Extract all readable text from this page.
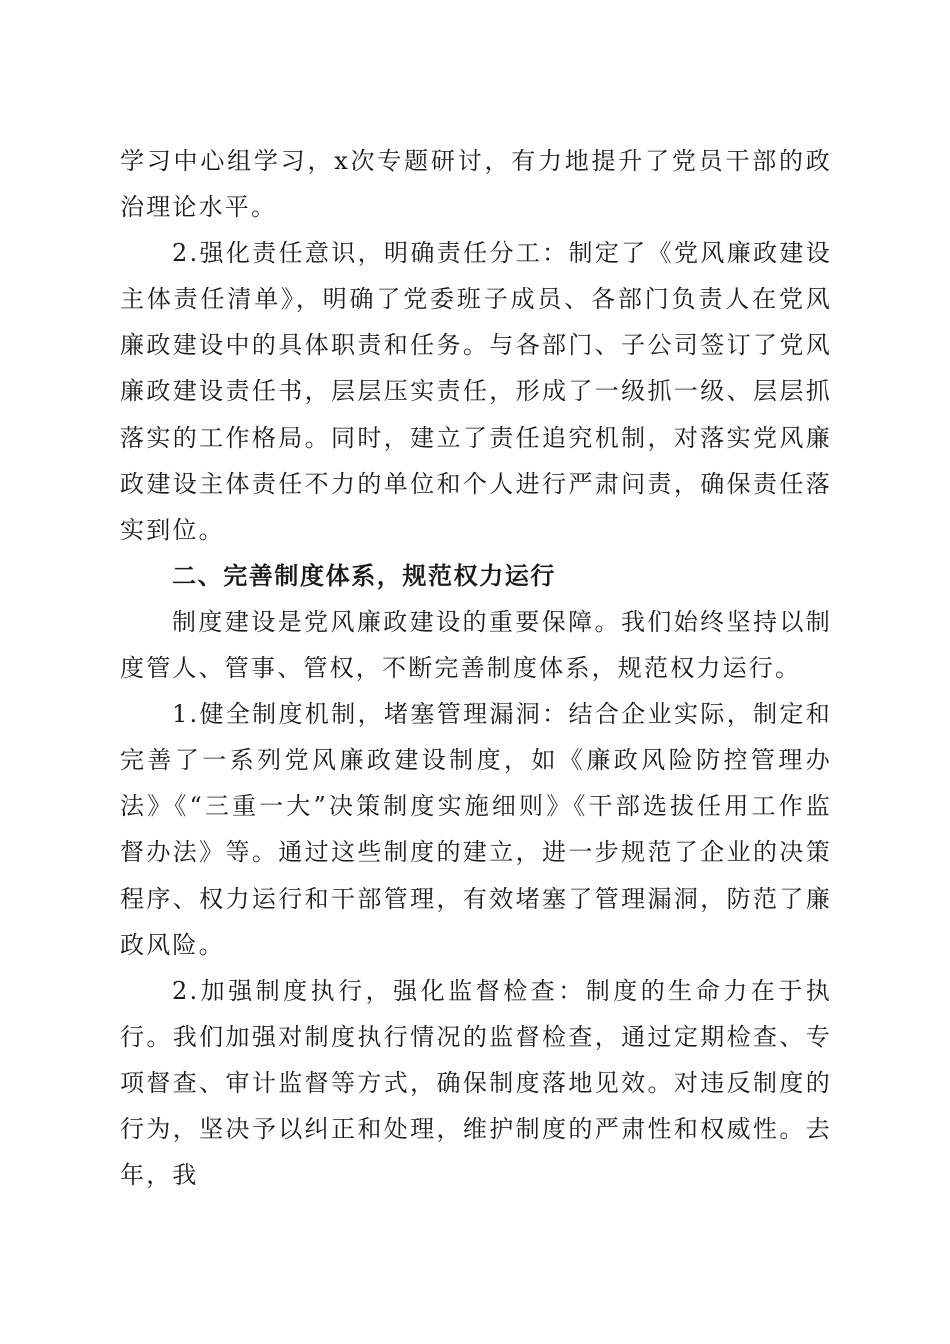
学习中心组学习，x次专题研讨，有力地提升了党员干部的政治理论水平。

2.强化责任意识，明确责任分工：制定了《党风廉政建设主体责任清单》，明确了党委班子成员、各部门负责人在党风廉政建设中的具体职责和任务。与各部门、子公司签订了党风廉政建设责任书，层层压实责任，形成了一级抓一级、层层抓落实的工作格局。同时，建立了责任追究机制，对落实党风廉政建设主体责任不力的单位和个人进行严肃问责，确保责任落实到位。

二、完善制度体系，规范权力运行

制度建设是党风廉政建设的重要保障。我们始终坚持以制度管人、管事、管权，不断完善制度体系，规范权力运行。

1.健全制度机制，堵塞管理漏洞：结合企业实际，制定和完善了一系列党风廉政建设制度，如《廉政风险防控管理办法》《“三重一大”决策制度实施细则》《干部选拔任用工作监督办法》等。通过这些制度的建立，进一步规范了企业的决策程序、权力运行和干部管理，有效堵塞了管理漏洞，防范了廉政风险。

2.加强制度执行，强化监督检查：制度的生命力在于执行。我们加强对制度执行情况的监督检查，通过定期检查、专项督查、审计监督等方式，确保制度落地见效。对违反制度的行为，坚决予以纠正和处理，维护制度的严肃性和权威性。去年，我
